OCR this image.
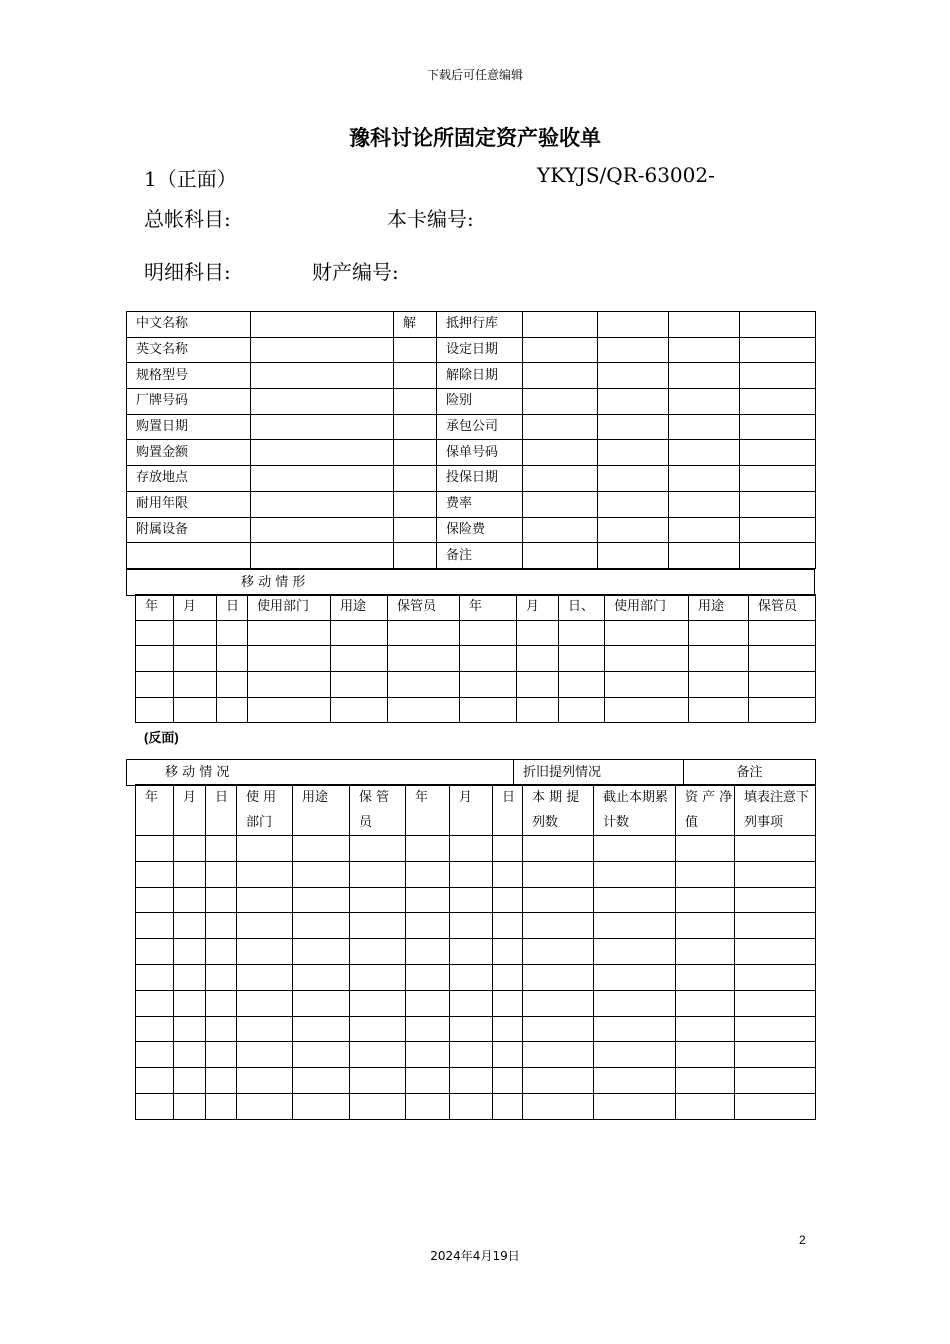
下载后可任意编辑
豫科讨论所固定资产验收单
1（正面）	YKYJS/QR-63002-
总帐科目:	本卡编号:
明细科目:	财产编号:
中文名称		解	抵押行库				
英文名称			设定日期				
规格型号			解除日期				
厂牌号码			险别				
购置日期			承包公司				
购置金额			保单号码				
存放地点			投保日期				
耐用年限			费率				
附属设备			保险费				
			备注				
移 动 情 形
年	月	日	使用部门	用途	保管员	年	月	日、	使用部门	用途	保管员

(反面)
移 动 情 况	折旧提列情况	备注
年	月	日	使 用 部门	用途	保 管 员	年	月	日	本 期 提 列数	截止本期累计数	资 产 净值	填表注意下列事项

2
2024年4月19日
